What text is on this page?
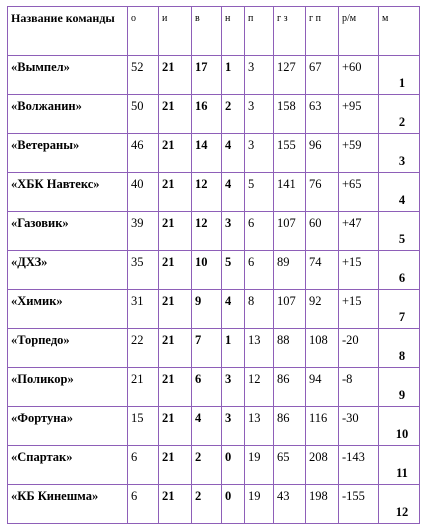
Название команды	о	и	в	н	п	г з	г п	р/м	м
«Вымпел»	52	21	17	1	3	127	67	+60	1
«Волжанин»	50	21	16	2	3	158	63	+95	2
«Ветераны»	46	21	14	4	3	155	96	+59	3
«ХБК Навтекс»	40	21	12	4	5	141	76	+65	4
«Газовик»	39	21	12	3	6	107	60	+47	5
«ДХЗ»	35	21	10	5	6	89	74	+15	6
«Химик»	31	21	9	4	8	107	92	+15	7
«Торпедо»	22	21	7	1	13	88	108	-20	8
«Поликор»	21	21	6	3	12	86	94	-8	9
«Фортуна»	15	21	4	3	13	86	116	-30	10
«Спартак»	6	21	2	0	19	65	208	-143	11
«КБ Кинешма»	6	21	2	0	19	43	198	-155	12
